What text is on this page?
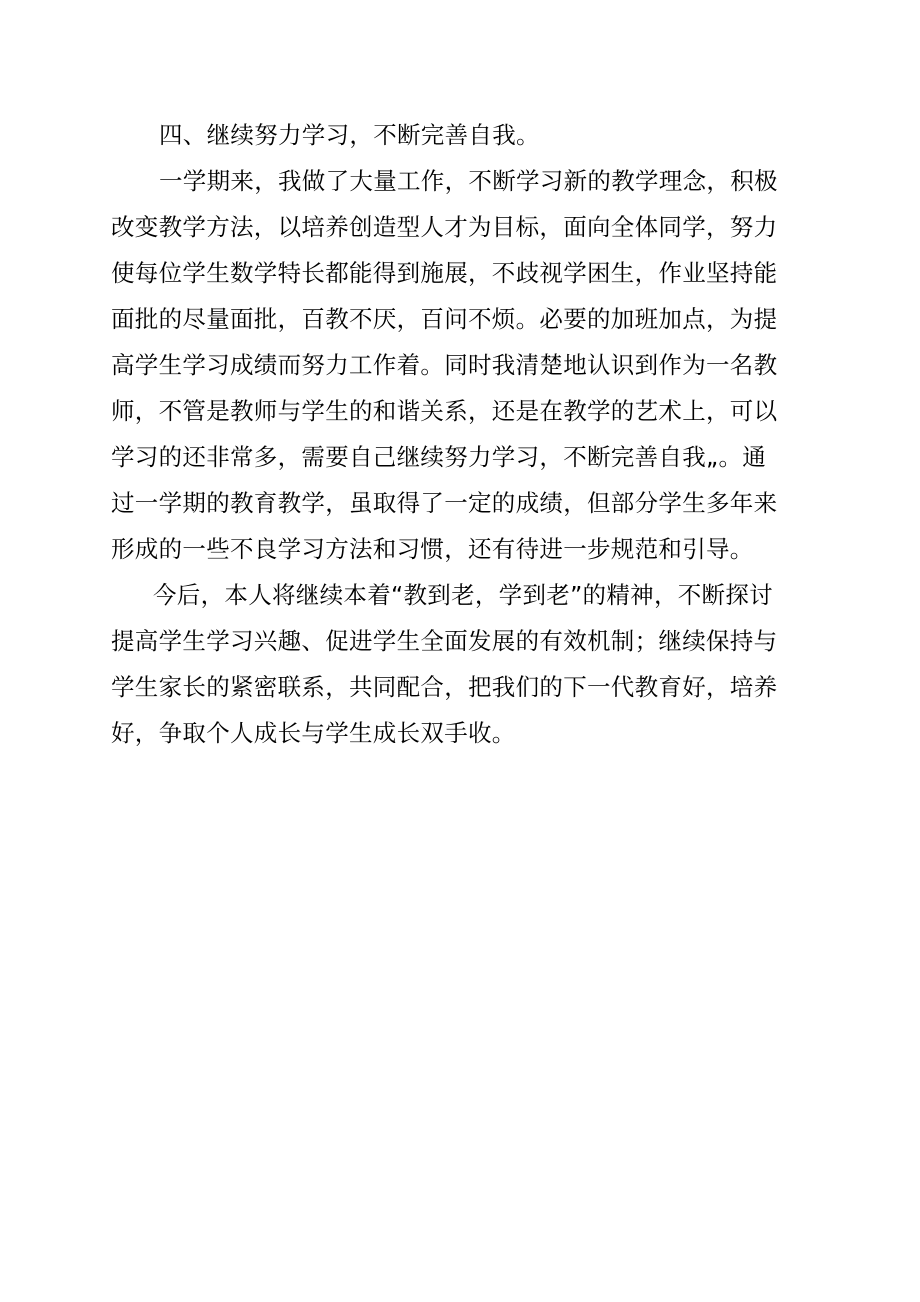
四、继续努力学习，不断完善自我。
一学期来，我做了大量工作，不断学习新的教学理念，积极
改变教学方法，以培养创造型人才为目标，面向全体同学，努力
使每位学生数学特长都能得到施展，不歧视学困生，作业坚持能
面批的尽量面批，百教不厌，百问不烦。必要的加班加点，为提
高学生学习成绩而努力工作着。同时我清楚地认识到作为一名教
师，不管是教师与学生的和谐关系，还是在教学的艺术上，可以
学习的还非常多，需要自己继续努力学习，不断完善自我„。通
过一学期的教育教学，虽取得了一定的成绩，但部分学生多年来
形成的一些不良学习方法和习惯，还有待进一步规范和引导。
今后，本人将继续本着“教到老，学到老”的精神，不断探讨
提高学生学习兴趣、促进学生全面发展的有效机制；继续保持与
学生家长的紧密联系，共同配合，把我们的下一代教育好，培养
好，争取个人成长与学生成长双手收。
